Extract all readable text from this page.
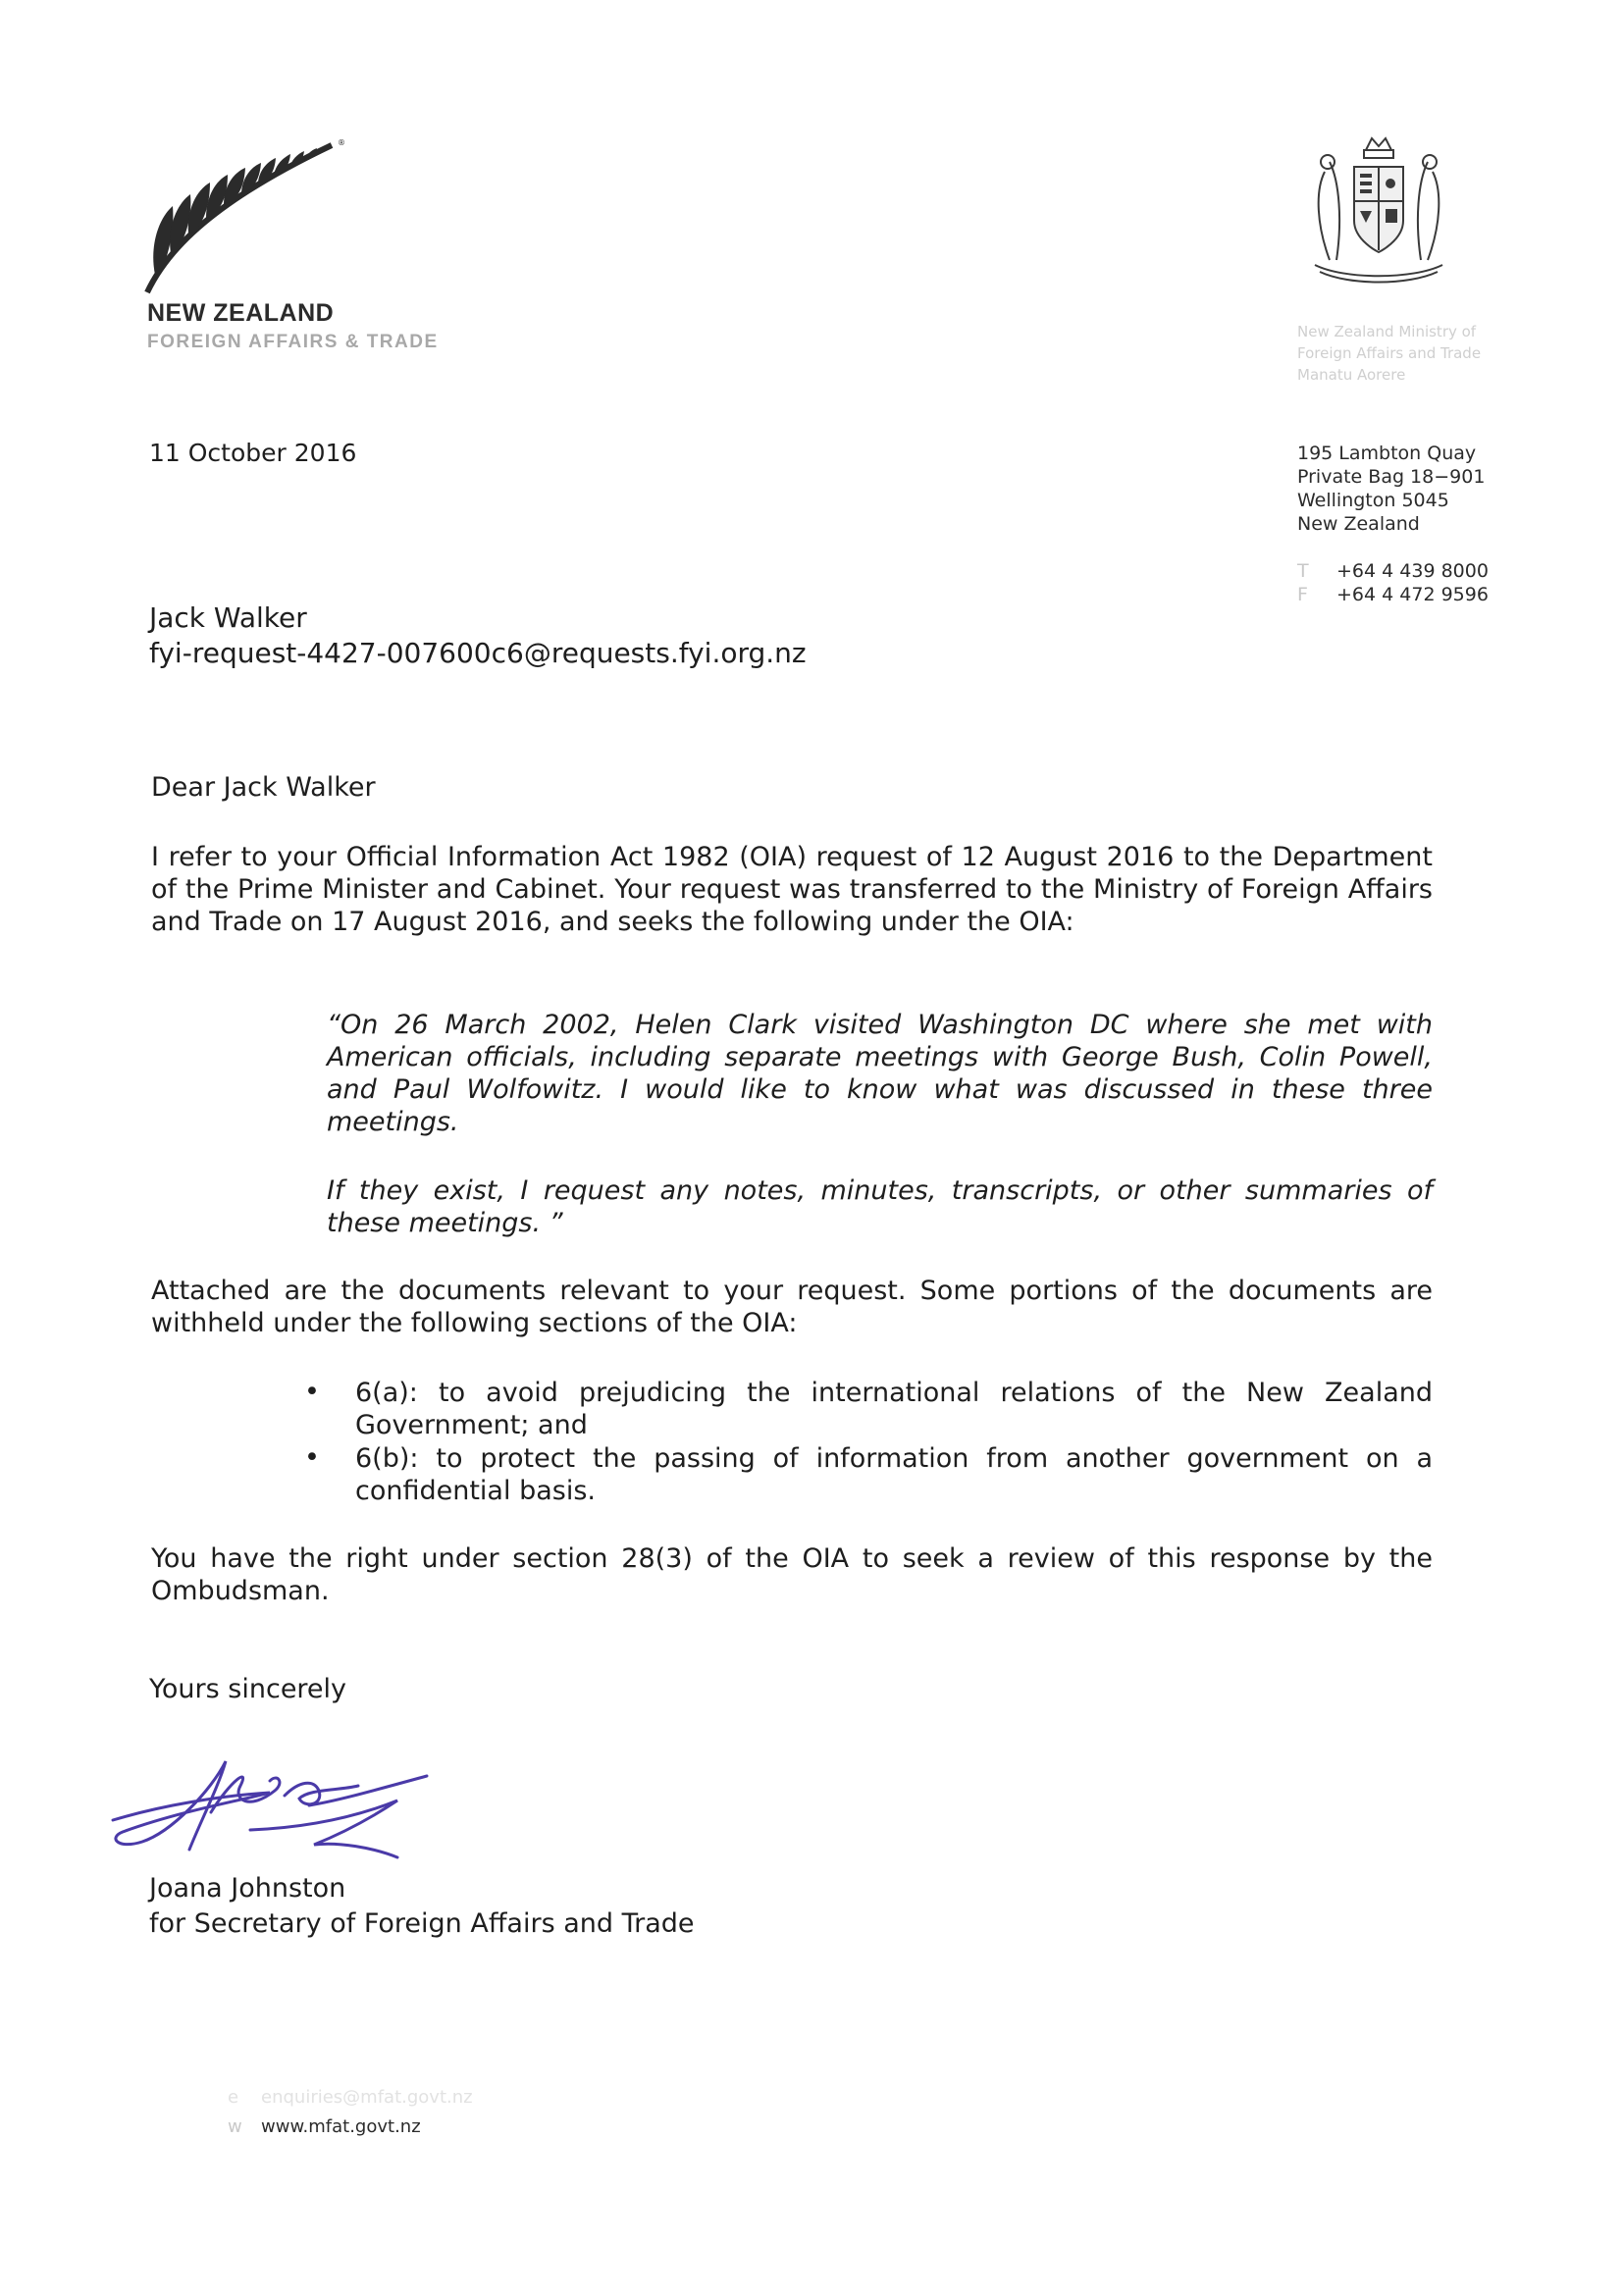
®
NEW ZEALAND
FOREIGN AFFAIRS & TRADE	New Zealand Ministry of
Foreign Affairs and Trade
Manatu Aorere
195 Lambton Quay
Private Bag 18−901
Wellington 5045
New Zealand
T +64 4 439 8000
F +64 4 472 9596
11 October 2016
Jack Walker
fyi-request-4427-007600c6@requests.fyi.org.nz
Dear Jack Walker
I refer to your Official Information Act 1982 (OIA) request of 12 August 2016 to the Department of the Prime Minister and Cabinet. Your request was transferred to the Ministry of Foreign Affairs and Trade on 17 August 2016, and seeks the following under the OIA:
“On 26 March 2002, Helen Clark visited Washington DC where she met with American officials, including separate meetings with George Bush, Colin Powell, and Paul Wolfowitz. I would like to know what was discussed in these three meetings.
If they exist, I request any notes, minutes, transcripts, or other summaries of these meetings. ”
Attached are the documents relevant to your request. Some portions of the documents are withheld under the following sections of the OIA:
• 6(a): to avoid prejudicing the international relations of the New Zealand Government; and
• 6(b): to protect the passing of information from another government on a confidential basis.
You have the right under section 28(3) of the OIA to seek a review of this response by the Ombudsman.
Yours sincerely
Joana Johnston
for Secretary of Foreign Affairs and Trade
e enquiries@mfat.govt.nz
w www.mfat.govt.nz
